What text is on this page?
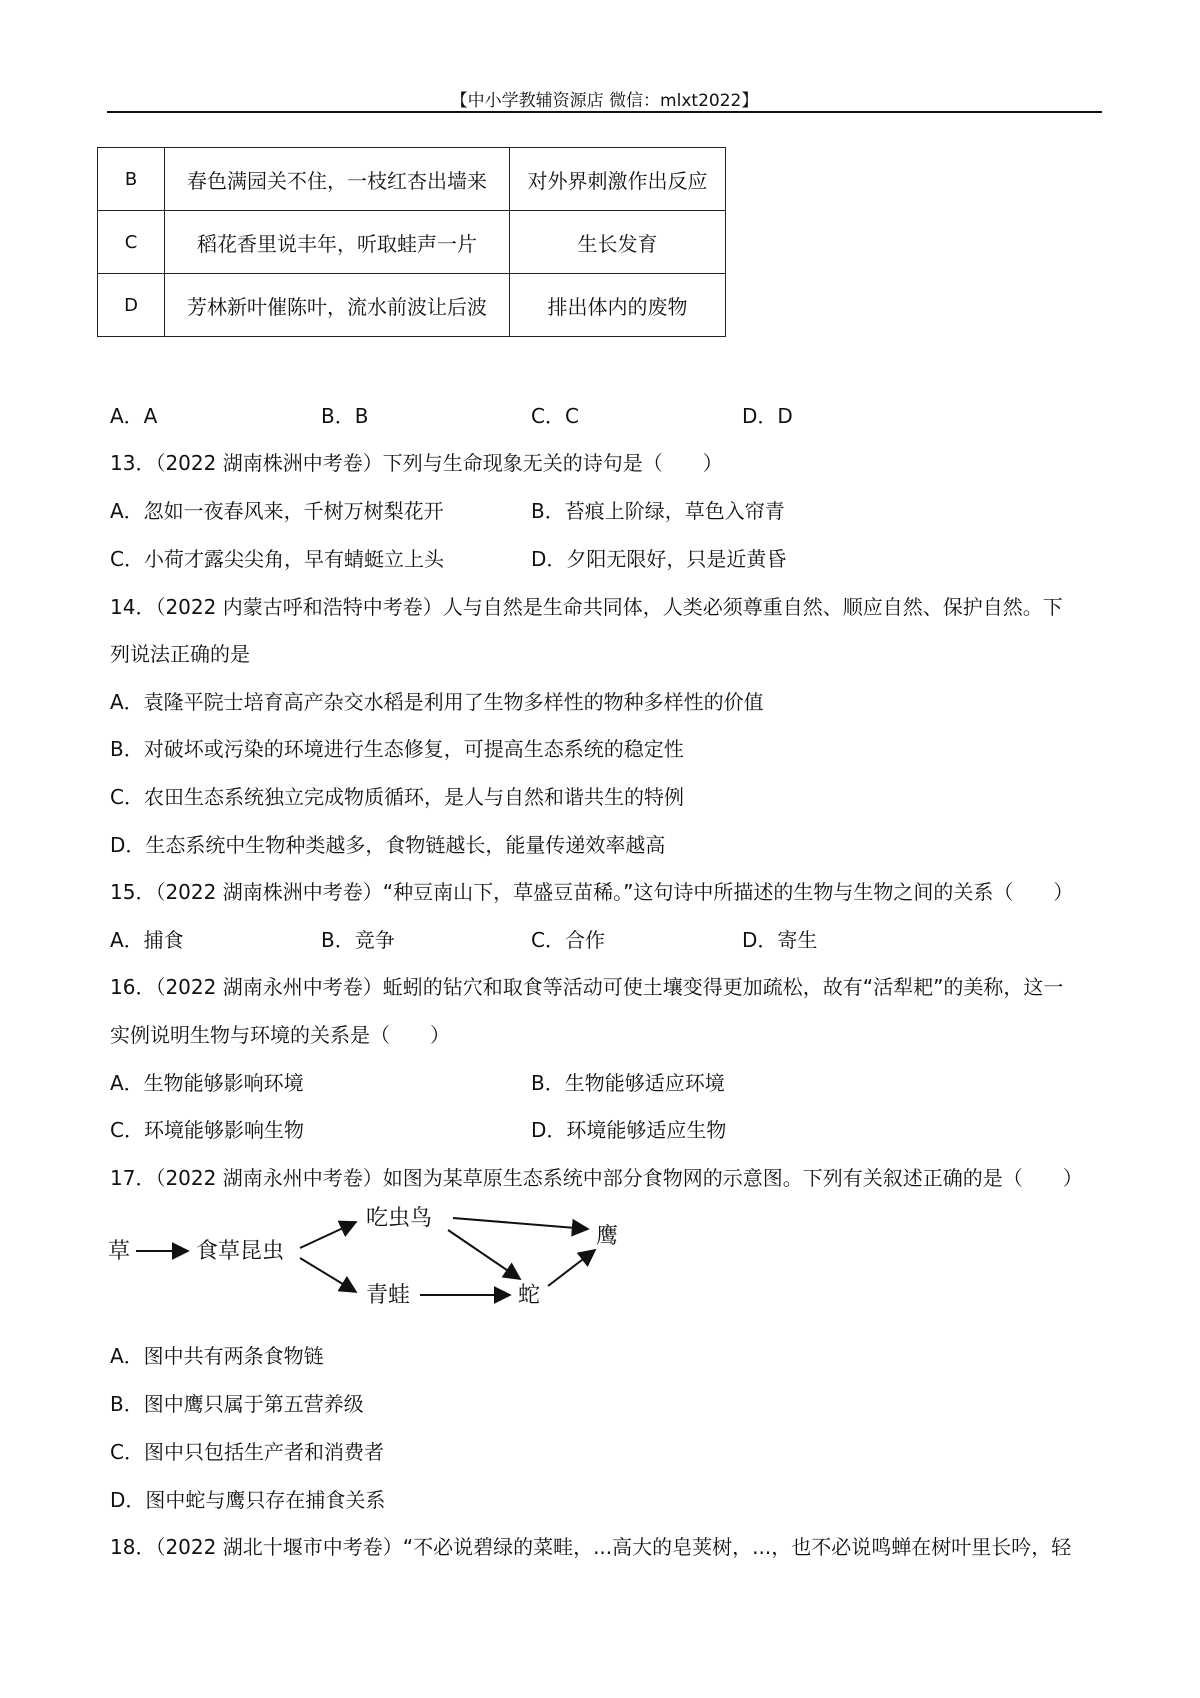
【中小学教辅资源店 微信：mlxt2022】
B	春色满园关不住，一枝红杏出墙来	对外界刺激作出反应
C	稻花香里说丰年，听取蛙声一片	生长发育
D	芳林新叶催陈叶，流水前波让后波	排出体内的废物
A．A	B．B	C．C	D．D
13．（2022 湖南株洲中考卷）下列与生命现象无关的诗句是（　　）
A．忽如一夜春风来，千树万树梨花开	B．苔痕上阶绿，草色入帘青
C．小荷才露尖尖角，早有蜻蜓立上头	D．夕阳无限好，只是近黄昏
14．（2022 内蒙古呼和浩特中考卷）人与自然是生命共同体，人类必须尊重自然、顺应自然、保护自然。下
列说法正确的是
A．袁隆平院士培育高产杂交水稻是利用了生物多样性的物种多样性的价值
B．对破坏或污染的环境进行生态修复，可提高生态系统的稳定性
C．农田生态系统独立完成物质循环，是人与自然和谐共生的特例
D．生态系统中生物种类越多，食物链越长，能量传递效率越高
15．（2022 湖南株洲中考卷）“种豆南山下，草盛豆苗稀。”这句诗中所描述的生物与生物之间的关系（　　）
A．捕食	B．竞争	C．合作	D．寄生
16．（2022 湖南永州中考卷）蚯蚓的钻穴和取食等活动可使土壤变得更加疏松，故有“活犁耙”的美称，这一
实例说明生物与环境的关系是（　　）
A．生物能够影响环境	B．生物能够适应环境
C．环境能够影响生物	D．环境能够适应生物
17．（2022 湖南永州中考卷）如图为某草原生态系统中部分食物网的示意图。下列有关叙述正确的是（　　）
草	食草昆虫
吃虫鸟
青蛙	蛇
鹰
A．图中共有两条食物链
B．图中鹰只属于第五营养级
C．图中只包括生产者和消费者
D．图中蛇与鹰只存在捕食关系
18．（2022 湖北十堰市中考卷）“不必说碧绿的菜畦，...高大的皂荚树，...，也不必说鸣蝉在树叶里长吟，轻
